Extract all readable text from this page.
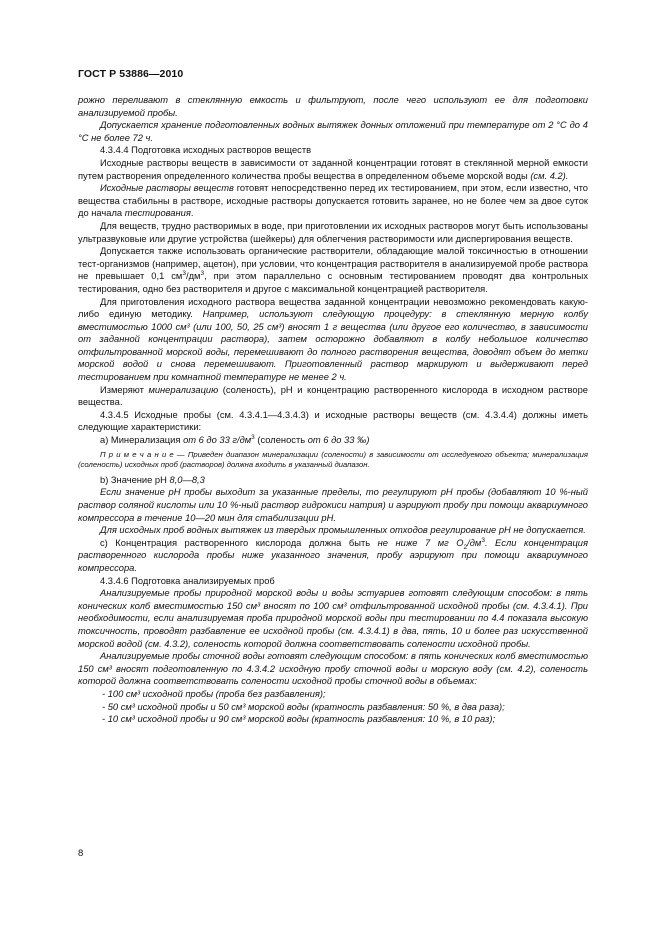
ГОСТ Р 53886—2010

рожно переливают в стеклянную емкость и фильтруют, после чего используют ее для подготовки анализируемой пробы.

Допускается хранение подготовленных водных вытяжек донных отложений при температуре от 2 °С до 4 °С не более 72 ч.

4.3.4.4 Подготовка исходных растворов веществ

Исходные растворы веществ в зависимости от заданной концентрации готовят в стеклянной мерной емкости путем растворения определенного количества пробы вещества в определенном объеме морской воды (см. 4.2).

Исходные растворы веществ готовят непосредственно перед их тестированием, при этом, если известно, что вещества стабильны в растворе, исходные растворы допускается готовить заранее, но не более чем за двое суток до начала тестирования.

Для веществ, трудно растворимых в воде, при приготовлении их исходных растворов могут быть использованы ультразвуковые или другие устройства (шейкеры) для облегчения растворимости или диспергирования веществ.

Допускается также использовать органические растворители, обладающие малой токсичностью в отношении тест-организмов (например, ацетон), при условии, что концентрация растворителя в анализируемой пробе раствора не превышает 0,1 $см^3/дм^3$, при этом параллельно с основным тестированием проводят два контрольных тестирования, одно без растворителя и другое с максимальной концентрацией растворителя.

Для приготовления исходного раствора вещества заданной концентрации невозможно рекомендовать какую-либо единую методику. Например, используют следующую процедуру: в стеклянную мерную колбу вместимостью 1000 см³ (или 100, 50, 25 см³) вносят 1 г вещества (или другое его количество, в зависимости от заданной концентрации раствора), затем осторожно добавляют в колбу небольшое количество отфильтрованной морской воды, перемешивают до полного растворения вещества, доводят объем до метки морской водой и снова перемешивают. Приготовленный раствор маркируют и выдерживают перед тестированием при комнатной температуре не менее 2 ч.

Измеряют минерализацию (соленость), рН и концентрацию растворенного кислорода в исходном растворе вещества.

4.3.4.5 Исходные пробы (см. 4.3.4.1—4.3.4.3) и исходные растворы веществ (см. 4.3.4.4) должны иметь следующие характеристики:

а) Минерализация от 6 до 33 $г/дм^3$ (соленость от 6 до 33 ‰)

П р и м е ч а н и е — Приведен диапазон минерализации (солености) в зависимости от исследуемого объекта; минерализация (соленость) исходных проб (растворов) должна входить в указанный диапазон.

b) Значение рН 8,0—8,3

Если значение рН пробы выходит за указанные пределы, то регулируют рН пробы (добавляют 10 %-ный раствор соляной кислоты или 10 %-ный раствор гидрокиси натрия) и аэрируют пробу при помощи аквариумного компрессора в течение 10—20 мин для стабилизации рН.

Для исходных проб водных вытяжек из твердых промышленных отходов регулирование рН не допускается.

с) Концентрация растворенного кислорода должна быть не ниже 7 мг $O_2/дм^3$. Если концентрация растворенного кислорода пробы ниже указанного значения, пробу аэрируют при помощи аквариумного компрессора.

4.3.4.6 Подготовка анализируемых проб

Анализируемые пробы природной морской воды и воды эстуариев готовят следующим способом: в пять конических колб вместимостью 150 см³ вносят по 100 см³ отфильтрованной исходной пробы (см. 4.3.4.1). При необходимости, если анализируемая проба природной морской воды при тестировании по 4.4 показала высокую токсичность, проводят разбавление ее исходной пробы (см. 4.3.4.1) в два, пять, 10 и более раз искусственной морской водой (см. 4.3.2), соленость которой должна соответствовать солености исходной пробы.

Анализируемые пробы сточной воды готовят следующим способом: в пять конических колб вместимостью 150 см³ вносят подготовленную по 4.3.4.2 исходную пробу сточной воды и морскую воду (см. 4.2), соленость которой должна соответствовать солености исходной пробы сточной воды в объемах:

- 100 см³ исходной пробы (проба без разбавления);

- 50 см³ исходной пробы и 50 см³ морской воды (кратность разбавления: 50 %, в два раза);

- 10 см³ исходной пробы и 90 см³ морской воды (кратность разбавления: 10 %, в 10 раз);

8
